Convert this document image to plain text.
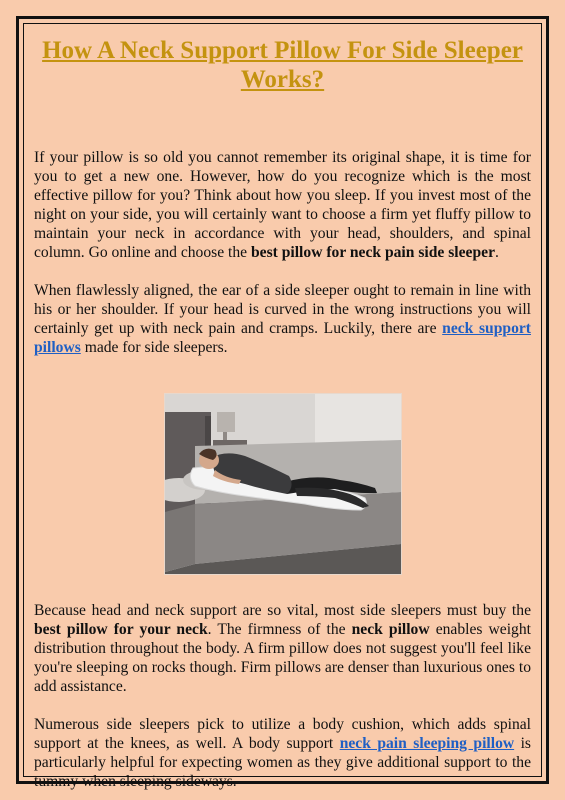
How A Neck Support Pillow For Side Sleeper Works?

If your pillow is so old you cannot remember its original shape, it is time for you to get a new one. However, how do you recognize which is the most effective pillow for you? Think about how you sleep. If you invest most of the night on your side, you will certainly want to choose a firm yet fluffy pillow to maintain your neck in accordance with your head, shoulders, and spinal column. Go online and choose the best pillow for neck pain side sleeper.

When flawlessly aligned, the ear of a side sleeper ought to remain in line with his or her shoulder. If your head is curved in the wrong instructions you will certainly get up with neck pain and cramps. Luckily, there are neck support pillows made for side sleepers.

Because head and neck support are so vital, most side sleepers must buy the best pillow for your neck. The firmness of the neck pillow enables weight distribution throughout the body. A firm pillow does not suggest you'll feel like you're sleeping on rocks though. Firm pillows are denser than luxurious ones to add assistance.

Numerous side sleepers pick to utilize a body cushion, which adds spinal support at the knees, as well. A body support neck pain sleeping pillow is particularly helpful for expecting women as they give additional support to the tummy when sleeping sideways.
